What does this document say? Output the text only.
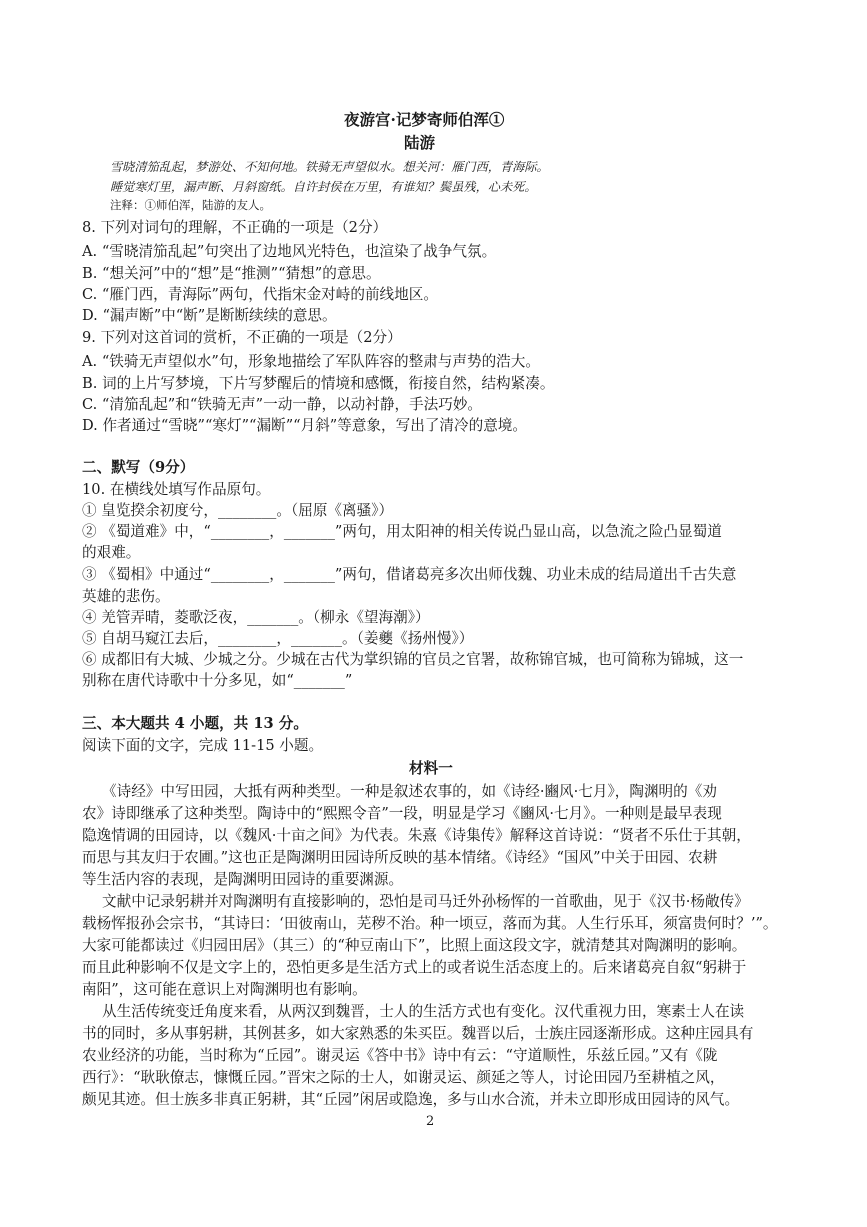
夜游宫·记梦寄师伯浑①
陆游
雪晓清笳乱起，梦游处、不知何地。铁骑无声望似水。想关河：雁门西，青海际。
睡觉寒灯里，漏声断、月斜窗纸。自许封侯在万里，有谁知？鬓虽残，心未死。
注释：①师伯浑，陆游的友人。
8. 下列对词句的理解，不正确的一项是（2分）
A. “雪晓清笳乱起”句突出了边地风光特色，也渲染了战争气氛。
B. “想关河”中的“想”是“推测”“猜想”的意思。
C. “雁门西，青海际”两句，代指宋金对峙的前线地区。
D. “漏声断”中“断”是断断续续的意思。
9. 下列对这首词的赏析，不正确的一项是（2分）
A. “铁骑无声望似水”句，形象地描绘了军队阵容的整肃与声势的浩大。
B. 词的上片写梦境，下片写梦醒后的情境和感慨，衔接自然，结构紧凑。
C. “清笳乱起”和“铁骑无声”一动一静，以动衬静，手法巧妙。
D. 作者通过“雪晓”“寒灯”“漏断”“月斜”等意象，写出了清冷的意境。
二、默写（9分）
10. 在横线处填写作品原句。
① 皇览揆余初度兮，________。（屈原《离骚》）
② 《蜀道难》中，“________，_______”两句，用太阳神的相关传说凸显山高，以急流之险凸显蜀道
的艰难。
③ 《蜀相》中通过“________，_______”两句，借诸葛亮多次出师伐魏、功业未成的结局道出千古失意
英雄的悲伤。
④ 羌管弄晴，菱歌泛夜，_______。（柳永《望海潮》）
⑤ 自胡马窥江去后，________，_______。（姜夔《扬州慢》）
⑥ 成都旧有大城、少城之分。少城在古代为掌织锦的官员之官署，故称锦官城，也可简称为锦城，这一
别称在唐代诗歌中十分多见，如“_______”
三、本大题共 4 小题，共 13 分。
阅读下面的文字，完成 11-15 小题。
材料一
《诗经》中写田园，大抵有两种类型。一种是叙述农事的，如《诗经·豳风·七月》，陶渊明的《劝
农》诗即继承了这种类型。陶诗中的“熙熙令音”一段，明显是学习《豳风·七月》。一种则是最早表现
隐逸情调的田园诗，以《魏风·十亩之间》为代表。朱熹《诗集传》解释这首诗说：“贤者不乐仕于其朝，
而思与其友归于农圃。”这也正是陶渊明田园诗所反映的基本情绪。《诗经》“国风”中关于田园、农耕
等生活内容的表现，是陶渊明田园诗的重要渊源。
文献中记录躬耕并对陶渊明有直接影响的，恐怕是司马迁外孙杨恽的一首歌曲，见于《汉书·杨敞传》
载杨恽报孙会宗书，“其诗曰：‘田彼南山，芜秽不治。种一顷豆，落而为萁。人生行乐耳，须富贵何时？’”。
大家可能都读过《归园田居》（其三）的“种豆南山下”，比照上面这段文字，就清楚其对陶渊明的影响。
而且此种影响不仅是文字上的，恐怕更多是生活方式上的或者说生活态度上的。后来诸葛亮自叙“躬耕于
南阳”，这可能在意识上对陶渊明也有影响。
从生活传统变迁角度来看，从两汉到魏晋，士人的生活方式也有变化。汉代重视力田，寒素士人在读
书的同时，多从事躬耕，其例甚多，如大家熟悉的朱买臣。魏晋以后，士族庄园逐渐形成。这种庄园具有
农业经济的功能，当时称为“丘园”。谢灵运《答中书》诗中有云：“守道顺性，乐兹丘园。”又有《陇
西行》：“耿耿僚志，慷慨丘园。”晋宋之际的士人，如谢灵运、颜延之等人，讨论田园乃至耕植之风，
颇见其迹。但士族多非真正躬耕，其“丘园”闲居或隐逸，多与山水合流，并未立即形成田园诗的风气。
2
